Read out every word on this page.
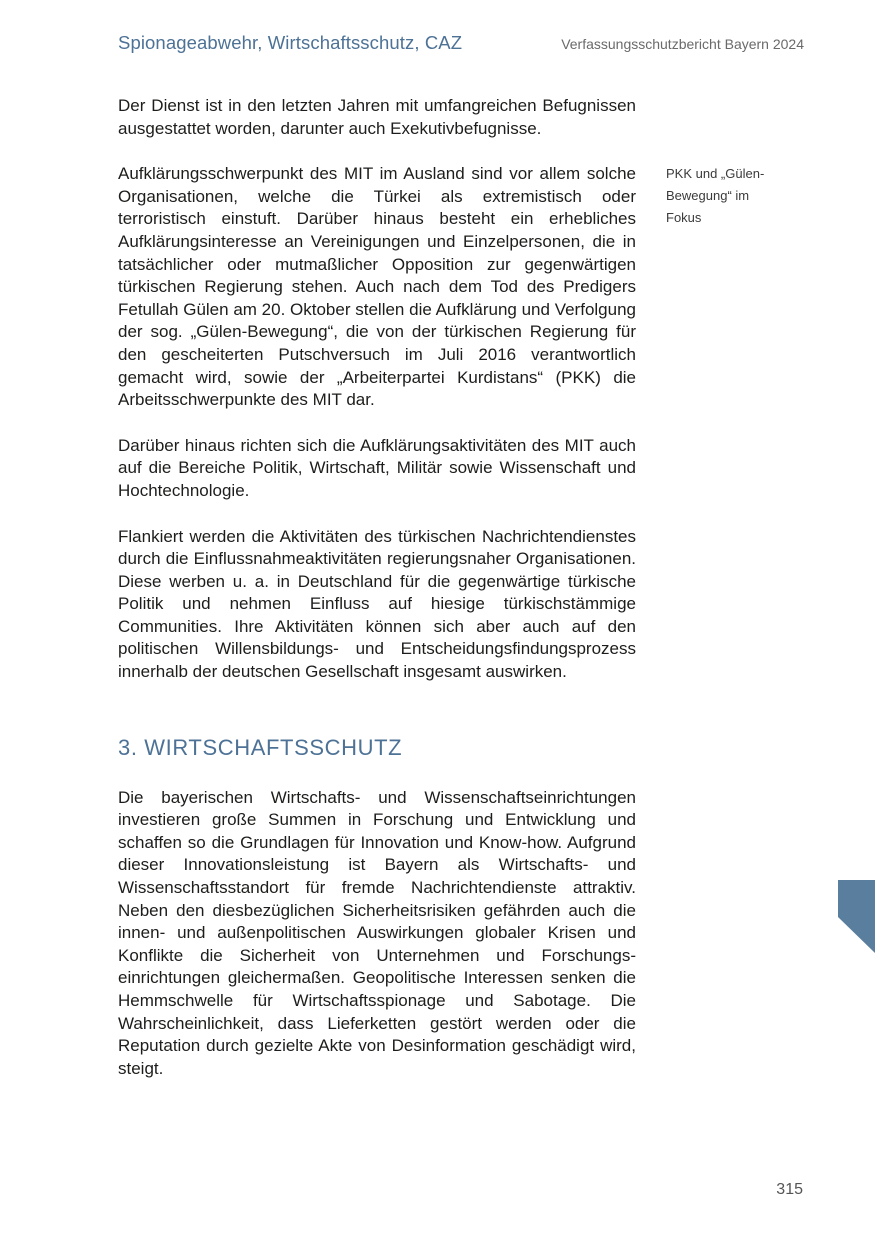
Spionageabwehr, Wirtschaftsschutz, CAZ	Verfassungsschutzbericht Bayern 2024

Der Dienst ist in den letzten Jahren mit umfangreichen Befugnissen ausgestattet worden, darunter auch Exekutivbefugnisse.

Aufklärungsschwerpunkt des MIT im Ausland sind vor allem solche Organisationen, welche die Türkei als extremistisch oder terroristisch einstuft. Darüber hinaus besteht ein erhebliches Aufklärungsinteresse an Vereinigungen und Einzelpersonen, die in tatsächlicher oder mutmaßlicher Opposition zur gegenwärtigen türkischen Regierung stehen. Auch nach dem Tod des Predigers Fetullah Gülen am 20. Oktober stellen die Aufklärung und Verfolgung der sog. „Gülen-Bewegung“, die von der türkischen Regierung für den gescheiterten Putschversuch im Juli 2016 verantwortlich gemacht wird, sowie der „Arbeiterpartei Kurdistans“ (PKK) die Arbeitsschwerpunkte des MIT dar.

Darüber hinaus richten sich die Aufklärungsaktivitäten des MIT auch auf die Bereiche Politik, Wirtschaft, Militär sowie Wissenschaft und Hochtechnologie.

Flankiert werden die Aktivitäten des türkischen Nachrichtendienstes durch die Einflussnahmeaktivitäten regierungsnaher Organisationen. Diese werben u. a. in Deutschland für die gegenwärtige türkische Politik und nehmen Einfluss auf hiesige türkischstämmige Communities. Ihre Aktivitäten können sich aber auch auf den politischen Willensbildungs- und Entscheidungsfindungsprozess innerhalb der deutschen Gesellschaft insgesamt auswirken.

3. WIRTSCHAFTSSCHUTZ

Die bayerischen Wirtschafts- und Wissenschaftseinrichtungen investieren große Summen in Forschung und Entwicklung und schaffen so die Grundlagen für Innovation und Know-how. Aufgrund dieser Innovationsleistung ist Bayern als Wirtschafts- und Wissenschaftsstandort für fremde Nachrichtendienste attraktiv. Neben den diesbezüglichen Sicherheitsrisiken gefährden auch die innen- und außenpolitischen Auswirkungen globaler Krisen und Konflikte die Sicherheit von Unternehmen und Forschungseinrichtungen gleichermaßen. Geopolitische Interessen senken die Hemmschwelle für Wirtschaftsspionage und Sabotage. Die Wahrscheinlichkeit, dass Lieferketten gestört werden oder die Reputation durch gezielte Akte von Desinformation geschädigt wird, steigt.

PKK und „Gülen-
Bewegung“ im
Fokus
315
